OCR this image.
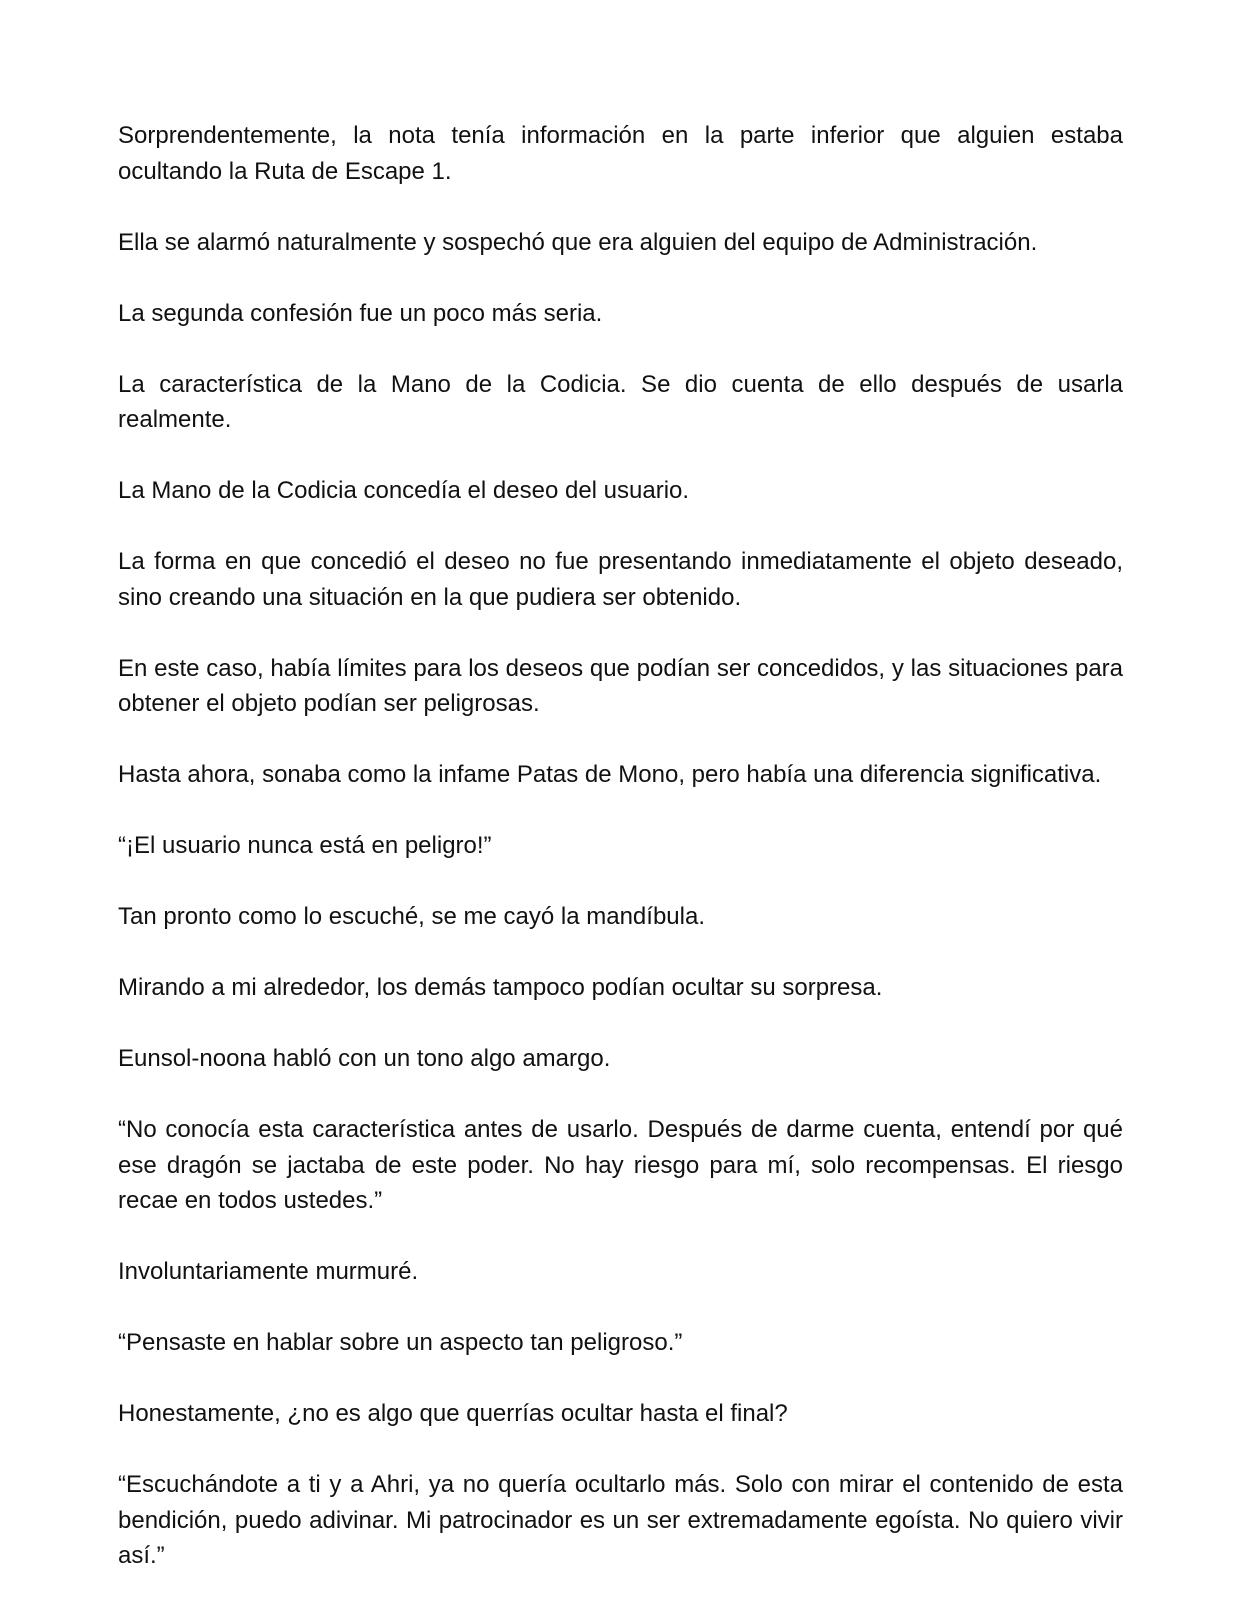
Sorprendentemente, la nota tenía información en la parte inferior que alguien estaba ocultando la Ruta de Escape 1.

Ella se alarmó naturalmente y sospechó que era alguien del equipo de Administración.

La segunda confesión fue un poco más seria.

La característica de la Mano de la Codicia. Se dio cuenta de ello después de usarla realmente.

La Mano de la Codicia concedía el deseo del usuario.

La forma en que concedió el deseo no fue presentando inmediatamente el objeto deseado, sino creando una situación en la que pudiera ser obtenido.

En este caso, había límites para los deseos que podían ser concedidos, y las situaciones para obtener el objeto podían ser peligrosas.

Hasta ahora, sonaba como la infame Patas de Mono, pero había una diferencia significativa.

“¡El usuario nunca está en peligro!”

Tan pronto como lo escuché, se me cayó la mandíbula.

Mirando a mi alrededor, los demás tampoco podían ocultar su sorpresa.

Eunsol-noona habló con un tono algo amargo.

“No conocía esta característica antes de usarlo. Después de darme cuenta, entendí por qué ese dragón se jactaba de este poder. No hay riesgo para mí, solo recompensas. El riesgo recae en todos ustedes.”

Involuntariamente murmuré.

“Pensaste en hablar sobre un aspecto tan peligroso.”

Honestamente, ¿no es algo que querrías ocultar hasta el final?

“Escuchándote a ti y a Ahri, ya no quería ocultarlo más. Solo con mirar el contenido de esta bendición, puedo adivinar. Mi patrocinador es un ser extremadamente egoísta. No quiero vivir así.”
